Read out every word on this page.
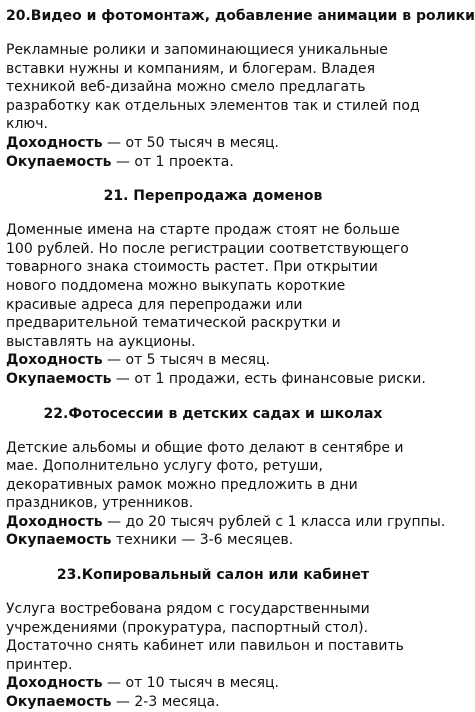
20.Видео и фотомонтаж, добавление анимации в ролики

Рекламные ролики и запоминающиеся уникальные вставки нужны и компаниям, и блогерам. Владея техникой веб-дизайна можно смело предлагать разработку как отдельных элементов так и стилей под ключ.

Доходность — от 50 тысяч в месяц.

Окупаемость — от 1 проекта.

21. Перепродажа доменов

Доменные имена на старте продаж стоят не больше 100 рублей. Но после регистрации соответствующего товарного знака стоимость растет. При открытии нового поддомена можно выкупать короткие красивые адреса для перепродажи или предварительной тематической раскрутки и выставлять на аукционы.

Доходность — от 5 тысяч в месяц.

Окупаемость — от 1 продажи, есть финансовые риски.

22.Фотосессии в детских садах и школах

Детские альбомы и общие фото делают в сентябре и мае. Дополнительно услугу фото, ретуши, декоративных рамок можно предложить в дни праздников, утренников.

Доходность — до 20 тысяч рублей с 1 класса или группы.

Окупаемость техники — 3-6 месяцев.

23.Копировальный салон или кабинет

Услуга востребована рядом с государственными учреждениями (прокуратура, паспортный стол). Достаточно снять кабинет или павильон и поставить принтер.

Доходность — от 10 тысяч в месяц.

Окупаемость — 2-3 месяца.
